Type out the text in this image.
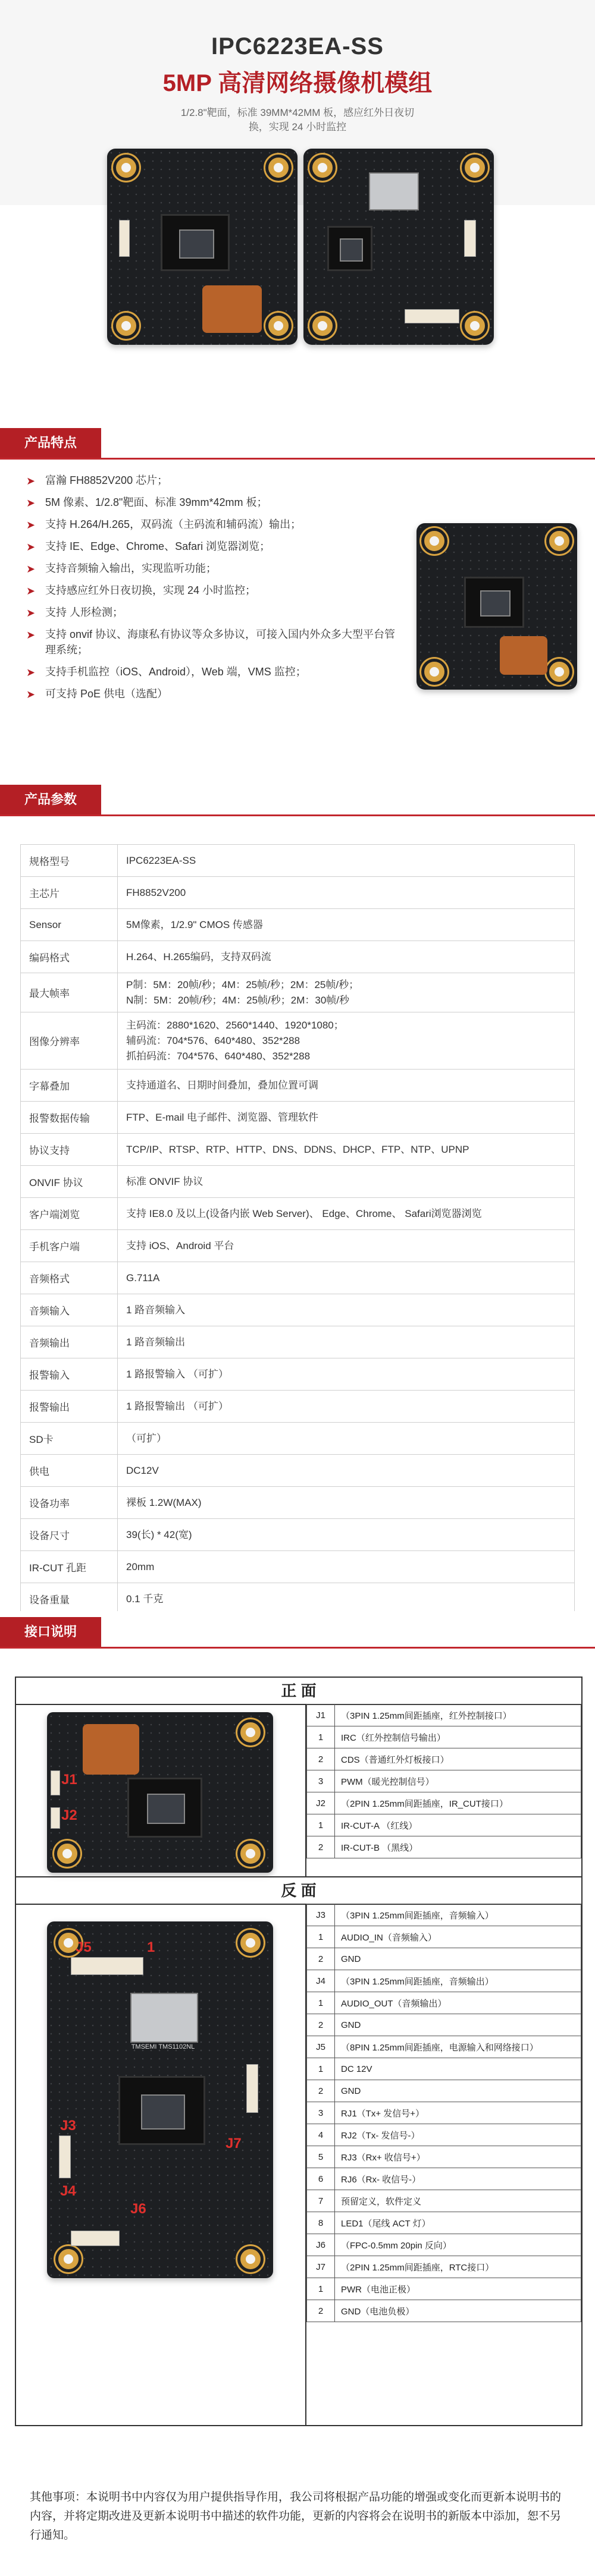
IPC6223EA-SS
5MP 高清网络摄像机模组
1/2.8"靶面，标准 39MM*42MM 板，感应红外日夜切换，实现 24 小时监控
产品特点
➤ 富瀚 FH8852V200 芯片；
➤ 5M 像素、1/2.8"靶面、标准 39mm*42mm 板；
➤ 支持 H.264/H.265，双码流（主码流和辅码流）输出；
➤ 支持 IE、Edge、Chrome、Safari 浏览器浏览；
➤ 支持音频输入输出，实现监听功能；
➤ 支持感应红外日夜切换，实现 24 小时监控；
➤ 支持 人形检测；
➤ 支持 onvif 协议、海康私有协议等众多协议，可接入国内外众多大型平台管理系统；
➤ 支持手机监控（iOS、Android），Web 端，VMS 监控；
➤ 可支持 PoE 供电（选配）
产品参数
规格型号	IPC6223EA-SS

主芯片	FH8852V200

Sensor	5M像素，1/2.9" CMOS 传感器

编码格式	H.264、H.265编码，支持双码流

最大帧率	P制：5M：20帧/秒；4M：25帧/秒；2M：25帧/秒；
N制：5M：20帧/秒；4M：25帧/秒；2M：30帧/秒

图像分辨率	主码流：2880*1620、2560*1440、1920*1080；
辅码流：704*576、640*480、352*288
抓拍码流：704*576、640*480、352*288

字幕叠加	支持通道名、日期时间叠加，叠加位置可调

报警数据传输	FTP、E-mail 电子邮件、浏览器、管理软件

协议支持	TCP/IP、RTSP、RTP、HTTP、DNS、DDNS、DHCP、FTP、NTP、UPNP

ONVIF 协议	标准 ONVIF 协议

客户端浏览	支持 IE8.0 及以上(设备内嵌 Web Server)、 Edge、Chrome、 Safari浏览器浏览

手机客户端	支持 iOS、Android 平台

音频格式	G.711A

音频输入	1 路音频输入

音频输出	1 路音频输出

报警输入	1 路报警输入 （可扩）

报警输出	1 路报警输出 （可扩）

SD卡	（可扩）

供电	DC12V

设备功率	裸板 1.2W(MAX)

设备尺寸	39(长) * 42(宽)

IR-CUT 孔距	20mm

设备重量	0.1 千克
接口说明
正 面
J1	（3PIN 1.25mm间距插座，红外控制接口）
1	IRC（红外控制信号输出）
2	CDS（普通红外灯板接口）
3	PWM（暖光控制信号）
J2	（2PIN 1.25mm间距插座，IR_CUT接口）
1	IR-CUT-A （红线）
2	IR-CUT-B （黑线）
J1
J2
反 面
J3	（3PIN 1.25mm间距插座，音频输入）
1	AUDIO_IN（音频输入）
2	GND
J4	（3PIN 1.25mm间距插座，音频输出）
1	AUDIO_OUT（音频输出）
2	GND
J5	（8PIN 1.25mm间距插座，电源输入和网络接口）
1	DC 12V
2	GND
3	RJ1（Tx+ 发信号+）
4	RJ2（Tx- 发信号-）
5	RJ3（Rx+ 收信号+）
6	RJ6（Rx- 收信号-）
7	预留定义，软件定义
8	LED1（尾线 ACT 灯）
J6	（FPC-0.5mm 20pin 反向）
J7	（2PIN 1.25mm间距插座，RTC接口）
1	PWR（电池正极）
2	GND（电池负极）
TMSEMI TMS1102NL
J5
J3
J4
J7
J6
1
其他事项：本说明书中内容仅为用户提供指导作用，我公司将根据产品功能的增强或变化而更新本说明书的内容，并将定期改进及更新本说明书中描述的软件功能，更新的内容将会在说明书的新版本中添加，恕不另行通知。
